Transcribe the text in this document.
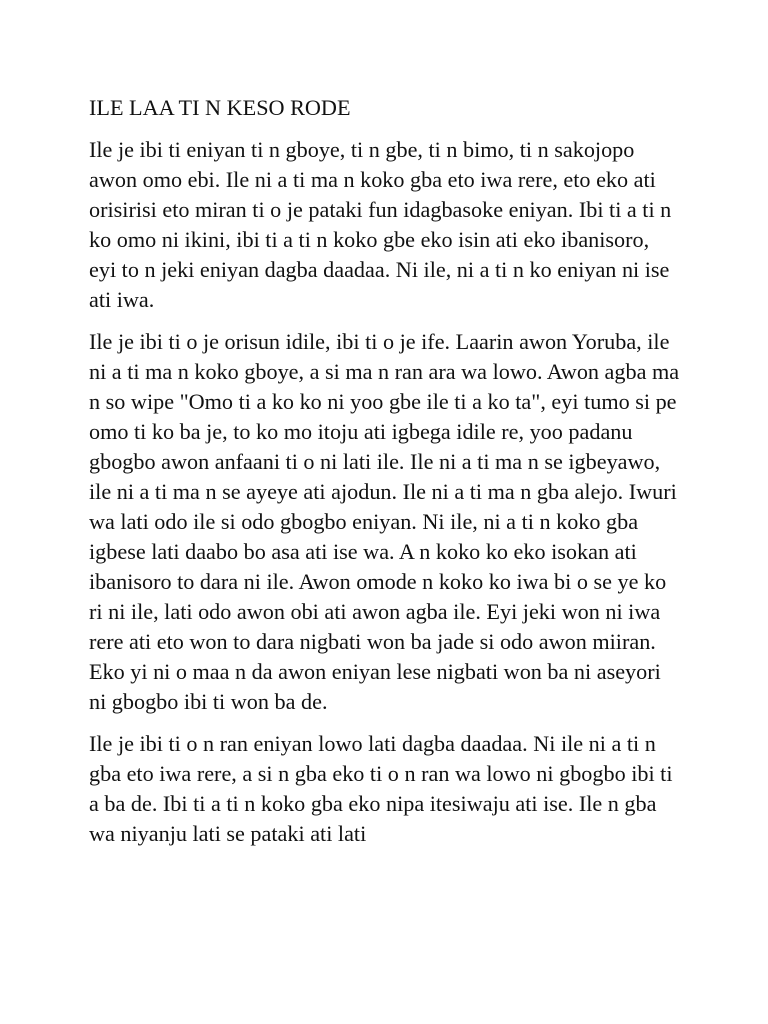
ILE LAA TI N KESO RODE

Ile je ibi ti eniyan ti n gboye, ti n gbe, ti n bimo, ti n sakojopo awon omo ebi. Ile ni a ti ma n koko gba eto iwa rere, eto eko ati orisirisi eto miran ti o je pataki fun idagbasoke eniyan. Ibi ti a ti n ko omo ni ikini, ibi ti a ti n koko gbe eko isin ati eko ibanisoro, eyi to n jeki eniyan dagba daadaa. Ni ile, ni a ti n ko eniyan ni ise ati iwa.

Ile je ibi ti o je orisun idile, ibi ti o je ife. Laarin awon Yoruba, ile ni a ti ma n koko gboye, a si ma n ran ara wa lowo. Awon agba ma n so wipe "Omo ti a ko ko ni yoo gbe ile ti a ko ta", eyi tumo si pe omo ti ko ba je, to ko mo itoju ati igbega idile re, yoo padanu gbogbo awon anfaani ti o ni lati ile. Ile ni a ti ma n se igbeyawo, ile ni a ti ma n se ayeye ati ajodun. Ile ni a ti ma n gba alejo. Iwuri wa lati odo ile si odo gbogbo eniyan. Ni ile, ni a ti n koko gba igbese lati daabo bo asa ati ise wa. A n koko ko eko isokan ati ibanisoro to dara ni ile. Awon omode n koko ko iwa bi o se ye ko ri ni ile, lati odo awon obi ati awon agba ile. Eyi jeki won ni iwa rere ati eto won to dara nigbati won ba jade si odo awon miiran. Eko yi ni o maa n da awon eniyan lese nigbati won ba ni aseyori ni gbogbo ibi ti won ba de.

Ile je ibi ti o n ran eniyan lowo lati dagba daadaa. Ni ile ni a ti n gba eto iwa rere, a si n gba eko ti o n ran wa lowo ni gbogbo ibi ti a ba de. Ibi ti a ti n koko gba eko nipa itesiwaju ati ise. Ile n gba wa niyanju lati se pataki ati lati
